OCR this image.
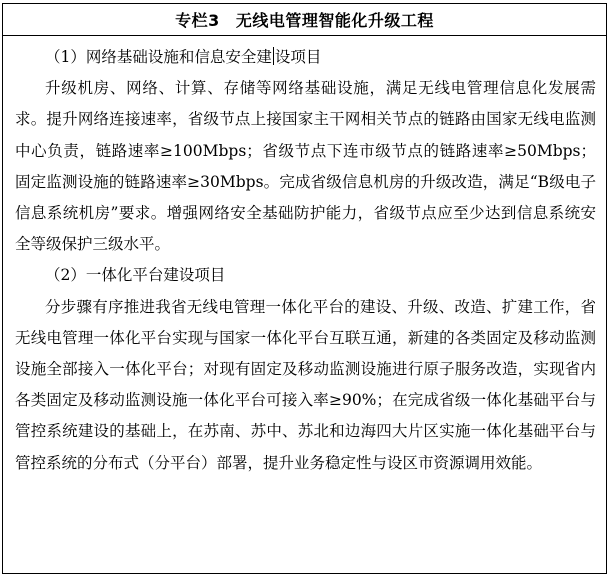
专栏3 无线电管理智能化升级工程

（1）网络基础设施和信息安全建 设项目

升级机房、网络、计算、存储等网络基础设施，满足无线电管理信息化发展需求。提升网络连接速率，省级节点上接国家主干网相关节点的链路由国家无线电监测中心负责，链路速率≥100Mbps；省级节点下连市级节点的链路速率≥50Mbps；固定监测设施的链路速率≥30Mbps。完成省级信息机房的升级改造，满足“B级电子信息系统机房”要求。增强网络安全基础防护能力，省级节点应至少达到信息系统安全等级保护三级水平。

（2）一体化平台建设项目

分步骤有序推进我省无线电管理一体化平台的建设、升级、改造、扩建工作，省无线电管理一体化平台实现与国家一体化平台互联互通，新建的各类固定及移动监测设施全部接入一体化平台；对现有固定及移动监测设施进行原子服务改造，实现省内各类固定及移动监测设施一体化平台可接入率≥90%；在完成省级一体化基础平台与管控系统建设的基础上，在苏南、苏中、苏北和边海四大片区实施一体化基础平台与管控系统的分布式（分平台）部署，提升业务稳定性与设区市资源调用效能。
